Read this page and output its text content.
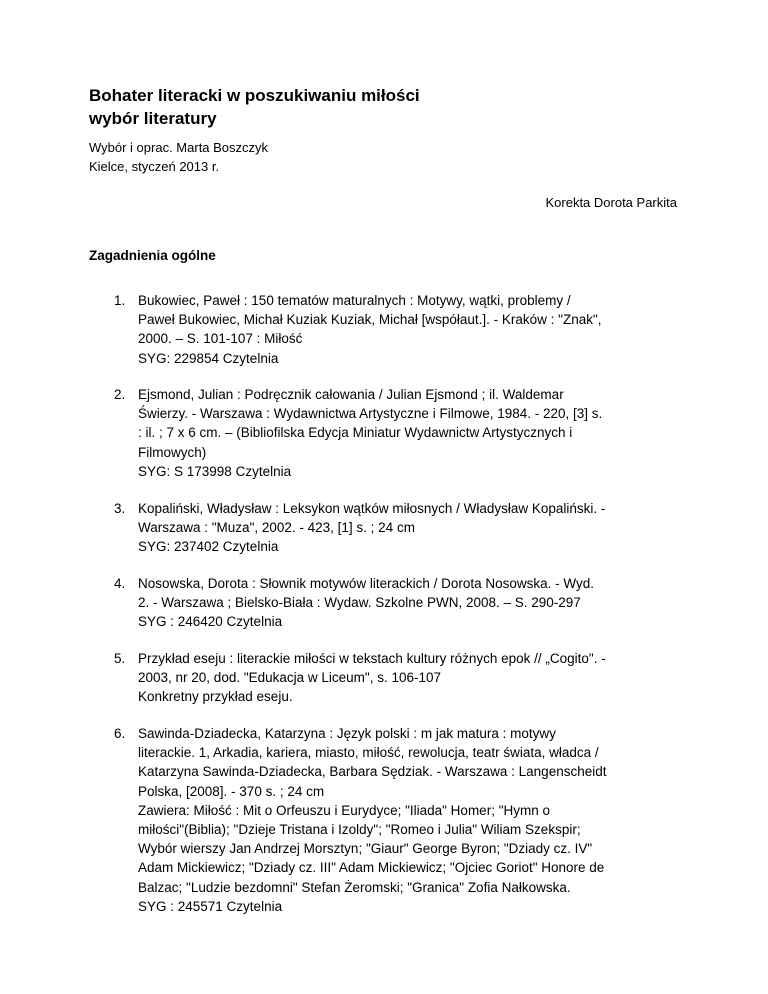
Bohater literacki w poszukiwaniu miłości
wybór literatury
Wybór i oprac. Marta Boszczyk
Kielce, styczeń 2013 r.
Korekta Dorota Parkita
Zagadnienia ogólne
1. Bukowiec, Paweł : 150 tematów maturalnych : Motywy, wątki, problemy /
Paweł Bukowiec, Michał Kuziak Kuziak, Michał [współaut.]. - Kraków : "Znak",
2000. – S. 101-107 : Miłość
SYG: 229854 Czytelnia
2. Ejsmond, Julian : Podręcznik całowania / Julian Ejsmond ; il. Waldemar
Świerzy. - Warszawa : Wydawnictwa Artystyczne i Filmowe, 1984. - 220, [3] s.
: il. ; 7 x 6 cm. – (Bibliofilska Edycja Miniatur Wydawnictw Artystycznych i
Filmowych)
SYG: S 173998 Czytelnia
3. Kopaliński, Władysław : Leksykon wątków miłosnych / Władysław Kopaliński. -
Warszawa : "Muza", 2002. - 423, [1] s. ; 24 cm
SYG: 237402 Czytelnia
4. Nosowska, Dorota : Słownik motywów literackich / Dorota Nosowska. - Wyd.
2. - Warszawa ; Bielsko-Biała : Wydaw. Szkolne PWN, 2008. – S. 290-297
SYG : 246420 Czytelnia
5. Przykład eseju : literackie miłości w tekstach kultury różnych epok // „Cogito". -
2003, nr 20, dod. "Edukacja w Liceum", s. 106-107
Konkretny przykład eseju.
6. Sawinda-Dziadecka, Katarzyna : Język polski : m jak matura : motywy
literackie. 1, Arkadia, kariera, miasto, miłość, rewolucja, teatr świata, władca /
Katarzyna Sawinda-Dziadecka, Barbara Sędziak. - Warszawa : Langenscheidt
Polska, [2008]. - 370 s. ; 24 cm
Zawiera: Miłość : Mit o Orfeuszu i Eurydyce; "Iliada" Homer; "Hymn o
miłości"(Biblia); "Dzieje Tristana i Izoldy"; "Romeo i Julia" Wiliam Szekspir;
Wybór wierszy Jan Andrzej Morsztyn; "Giaur" George Byron; "Dziady cz. IV"
Adam Mickiewicz; "Dziady cz. III" Adam Mickiewicz; "Ojciec Goriot" Honore de
Balzac; "Ludzie bezdomni" Stefan Żeromski; "Granica" Zofia Nałkowska.
SYG : 245571 Czytelnia
